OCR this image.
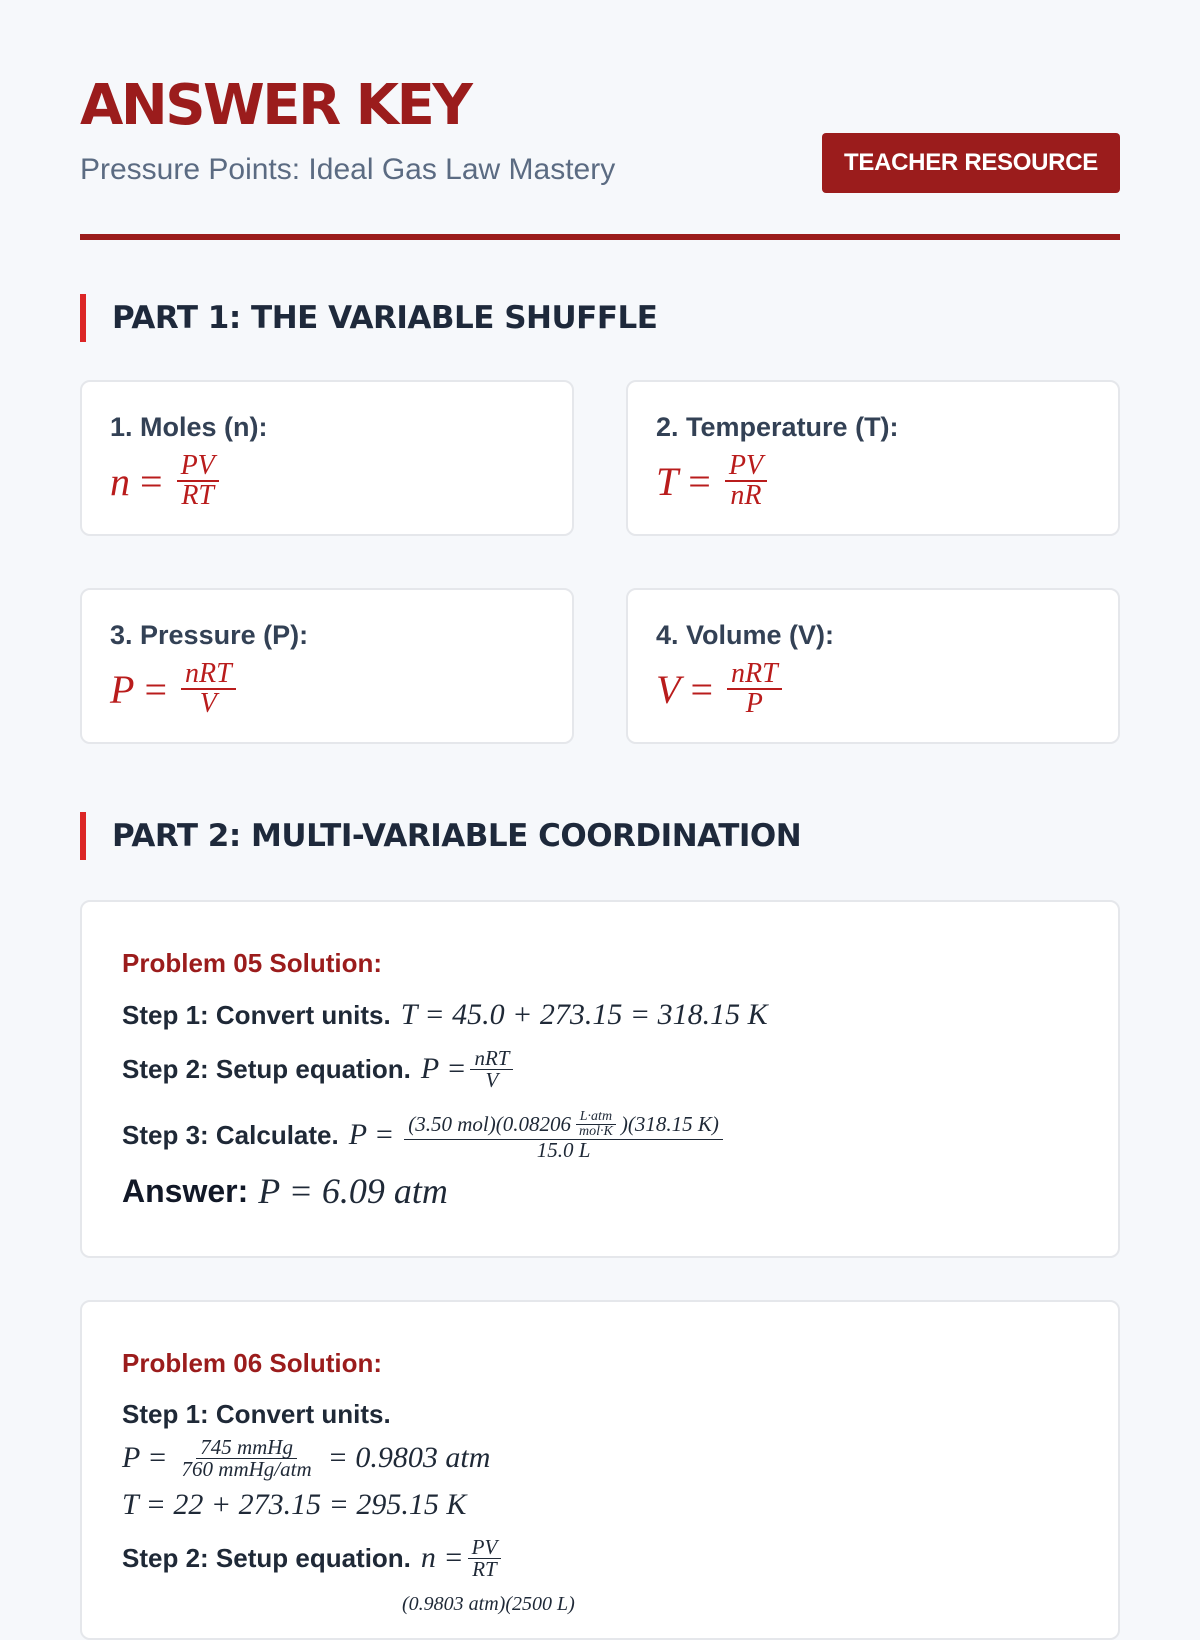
ANSWER KEY
Pressure Points: Ideal Gas Law Mastery	TEACHER RESOURCE
PART 1: THE VARIABLE SHUFFLE
1. Moles (n):
$n = \frac{PV}{RT}$
2. Temperature (T):
$T = \frac{PV}{nR}$
3. Pressure (P):
$P = \frac{\text{nRT}}{V}$
4. Volume (V):
$V = \frac{\text{nRT}}{P}$
PART 2: MULTI-VARIABLE COORDINATION
Problem 05 Solution:
Step 1: Convert units. T = 45.0 + 273.15 = 318.15 K
Step 2: Setup equation. $P = \frac{\text{nRT}}{V}$
Step 3: Calculate. P = (3.50 $mol)(0.08206 \frac{\text{L·atm}}{\text{mol·K}} )(318.15$ K)
15.0 L
Answer: P = 6.09 atm
Problem 06 Solution:
Step 1: Convert units.
$P = \frac{\text{745 mmHg}}{\text{760 mmHg/atm}} = 0.9803$ atm
T = 22 + 273.15 = 295.15 K
Step 2: Setup equation. $n = \frac{PV}{RT}$
(0.9803 atm)(2500 L)
